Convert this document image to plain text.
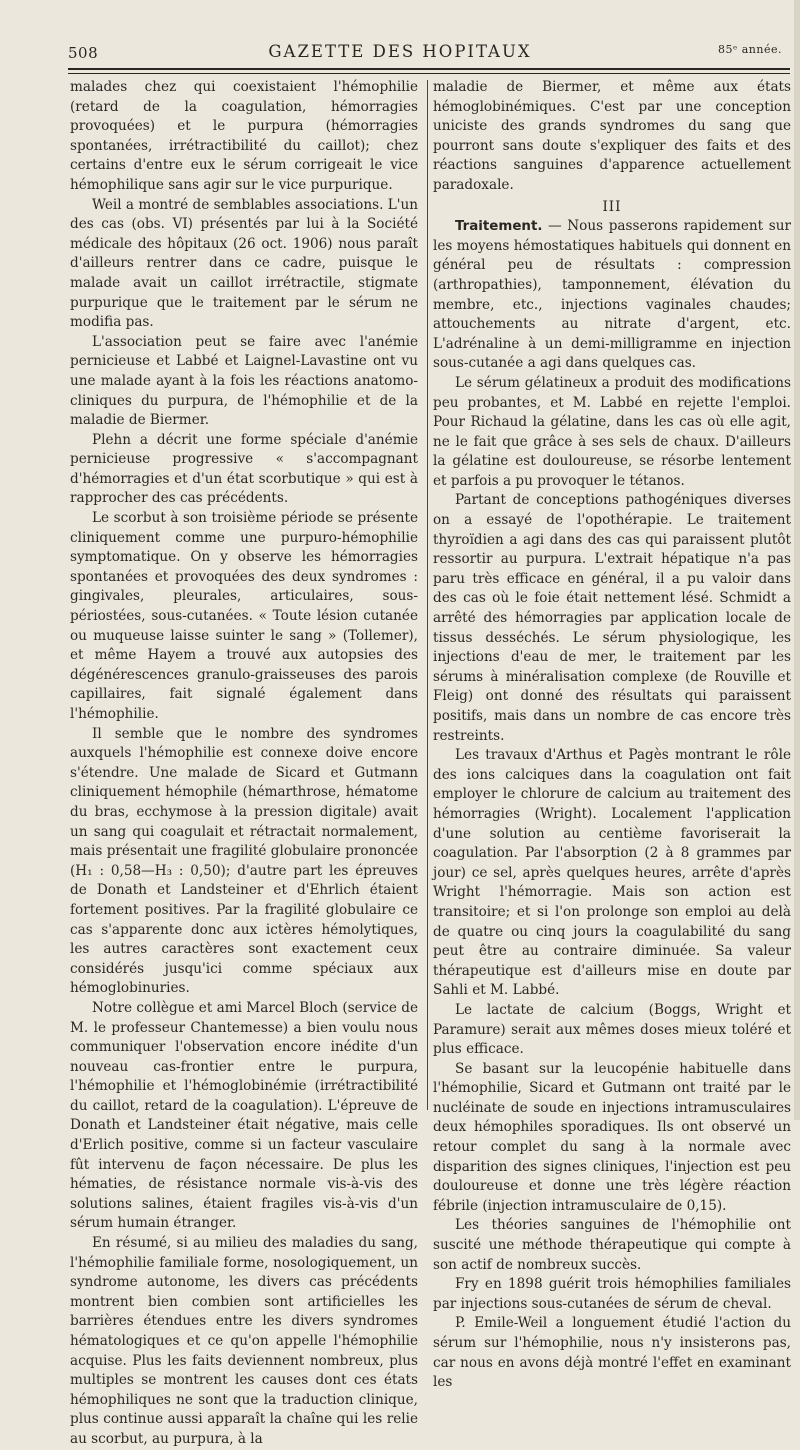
508	GAZETTE DES HOPITAUX	85ᵉ année.

malades chez qui coexistaient l'hémophilie (retard de la coagulation, hémorragies provoquées) et le purpura (hémorragies spontanées, irrétractibilité du caillot); chez certains d'entre eux le sérum corrigeait le vice hémophilique sans agir sur le vice purpurique.

Weil a montré de semblables associations. L'un des cas (obs. VI) présentés par lui à la Société médicale des hôpitaux (26 oct. 1906) nous paraît d'ailleurs rentrer dans ce cadre, puisque le malade avait un caillot irrétractile, stigmate purpurique que le traitement par le sérum ne modifia pas.

L'association peut se faire avec l'anémie pernicieuse et Labbé et Laignel-Lavastine ont vu une malade ayant à la fois les réactions anatomo-cliniques du purpura, de l'hémophilie et de la maladie de Biermer.

Plehn a décrit une forme spéciale d'anémie pernicieuse progressive « s'accompagnant d'hémorragies et d'un état scorbutique » qui est à rapprocher des cas précédents.

Le scorbut à son troisième période se présente cliniquement comme une purpuro-hémophilie symptomatique. On y observe les hémorragies spontanées et provoquées des deux syndromes : gingivales, pleurales, articulaires, sous-périostées, sous-cutanées. « Toute lésion cutanée ou muqueuse laisse suinter le sang » (Tollemer), et même Hayem a trouvé aux autopsies des dégénérescences granulo-graisseuses des parois capillaires, fait signalé également dans l'hémophilie.

Il semble que le nombre des syndromes auxquels l'hémophilie est connexe doive encore s'étendre. Une malade de Sicard et Gutmann cliniquement hémophile (hémarthrose, hématome du bras, ecchymose à la pression digitale) avait un sang qui coagulait et rétractait normalement, mais présentait une fragilité globulaire prononcée (H₁ : 0,58—H₃ : 0,50); d'autre part les épreuves de Donath et Landsteiner et d'Ehrlich étaient fortement positives. Par la fragilité globulaire ce cas s'apparente donc aux ictères hémolytiques, les autres caractères sont exactement ceux considérés jusqu'ici comme spéciaux aux hémoglobinuries.

Notre collègue et ami Marcel Bloch (service de M. le professeur Chantemesse) a bien voulu nous communiquer l'observation encore inédite d'un nouveau cas-frontier entre le purpura, l'hémophilie et l'hémoglobinémie (irrétractibilité du caillot, retard de la coagulation). L'épreuve de Donath et Landsteiner était négative, mais celle d'Erlich positive, comme si un facteur vasculaire fût intervenu de façon nécessaire. De plus les hématies, de résistance normale vis-à-vis des solutions salines, étaient fragiles vis-à-vis d'un sérum humain étranger.

En résumé, si au milieu des maladies du sang, l'hémophilie familiale forme, nosologiquement, un syndrome autonome, les divers cas précédents montrent bien combien sont artificielles les barrières étendues entre les divers syndromes hématologiques et ce qu'on appelle l'hémophilie acquise. Plus les faits deviennent nombreux, plus multiples se montrent les causes dont ces états hémophiliques ne sont que la traduction clinique, plus continue aussi apparaît la chaîne qui les relie au scorbut, au purpura, à la

maladie de Biermer, et même aux états hémoglobinémiques. C'est par une conception uniciste des grands syndromes du sang que pourront sans doute s'expliquer des faits et des réactions sanguines d'apparence actuellement paradoxale.

III

Traitement. — Nous passerons rapidement sur les moyens hémostatiques habituels qui donnent en général peu de résultats : compression (arthropathies), tamponnement, élévation du membre, etc., injections vaginales chaudes; attouchements au nitrate d'argent, etc. L'adrénaline à un demi-milligramme en injection sous-cutanée a agi dans quelques cas.

Le sérum gélatineux a produit des modifications peu probantes, et M. Labbé en rejette l'emploi. Pour Richaud la gélatine, dans les cas où elle agit, ne le fait que grâce à ses sels de chaux. D'ailleurs la gélatine est douloureuse, se résorbe lentement et parfois a pu provoquer le tétanos.

Partant de conceptions pathogéniques diverses on a essayé de l'opothérapie. Le traitement thyroïdien a agi dans des cas qui paraissent plutôt ressortir au purpura. L'extrait hépatique n'a pas paru très efficace en général, il a pu valoir dans des cas où le foie était nettement lésé. Schmidt a arrêté des hémorragies par application locale de tissus desséchés. Le sérum physiologique, les injections d'eau de mer, le traitement par les sérums à minéralisation complexe (de Rouville et Fleig) ont donné des résultats qui paraissent positifs, mais dans un nombre de cas encore très restreints.

Les travaux d'Arthus et Pagès montrant le rôle des ions calciques dans la coagulation ont fait employer le chlorure de calcium au traitement des hémorragies (Wright). Localement l'application d'une solution au centième favoriserait la coagulation. Par l'absorption (2 à 8 grammes par jour) ce sel, après quelques heures, arrête d'après Wright l'hémorragie. Mais son action est transitoire; et si l'on prolonge son emploi au delà de quatre ou cinq jours la coagulabilité du sang peut être au contraire diminuée. Sa valeur thérapeutique est d'ailleurs mise en doute par Sahli et M. Labbé.

Le lactate de calcium (Boggs, Wright et Paramure) serait aux mêmes doses mieux toléré et plus efficace.

Se basant sur la leucopénie habituelle dans l'hémophilie, Sicard et Gutmann ont traité par le nucléinate de soude en injections intramusculaires deux hémophiles sporadiques. Ils ont observé un retour complet du sang à la normale avec disparition des signes cliniques, l'injection est peu douloureuse et donne une très légère réaction fébrile (injection intramusculaire de 0,15).

Les théories sanguines de l'hémophilie ont suscité une méthode thérapeutique qui compte à son actif de nombreux succès.

Fry en 1898 guérit trois hémophilies familiales par injections sous-cutanées de sérum de cheval.

P. Emile-Weil a longuement étudié l'action du sérum sur l'hémophilie, nous n'y insisterons pas, car nous en avons déjà montré l'effet en examinant les
